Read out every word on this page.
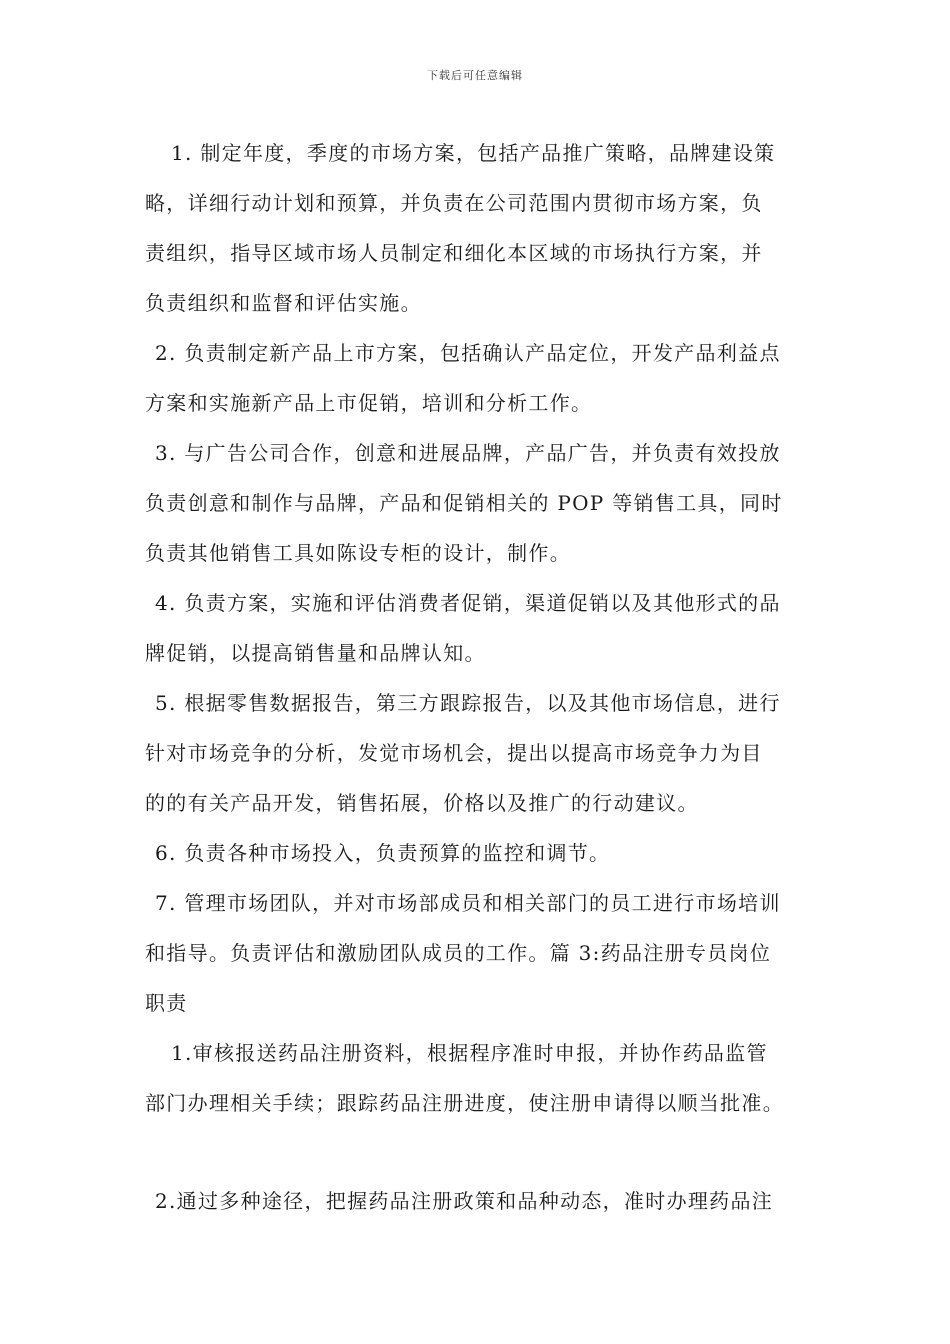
下载后可任意编辑
1. 制定年度，季度的市场方案，包括产品推广策略，品牌建设策
略，详细行动计划和预算，并负责在公司范围内贯彻市场方案，负
责组织，指导区域市场人员制定和细化本区域的市场执行方案，并
负责组织和监督和评估实施。
2. 负责制定新产品上市方案，包括确认产品定位，开发产品利益点
方案和实施新产品上市促销，培训和分析工作。
3. 与广告公司合作，创意和进展品牌，产品广告，并负责有效投放
负责创意和制作与品牌，产品和促销相关的 POP 等销售工具，同时
负责其他销售工具如陈设专柜的设计，制作。
4. 负责方案，实施和评估消费者促销，渠道促销以及其他形式的品
牌促销，以提高销售量和品牌认知。
5. 根据零售数据报告，第三方跟踪报告，以及其他市场信息，进行
针对市场竞争的分析，发觉市场机会，提出以提高市场竞争力为目
的的有关产品开发，销售拓展，价格以及推广的行动建议。
6. 负责各种市场投入，负责预算的监控和调节。
7. 管理市场团队，并对市场部成员和相关部门的员工进行市场培训
和指导。负责评估和激励团队成员的工作。篇 3:药品注册专员岗位
职责
1.审核报送药品注册资料，根据程序准时申报，并协作药品监管
部门办理相关手续；跟踪药品注册进度，使注册申请得以顺当批准。
2.通过多种途径，把握药品注册政策和品种动态，准时办理药品注
